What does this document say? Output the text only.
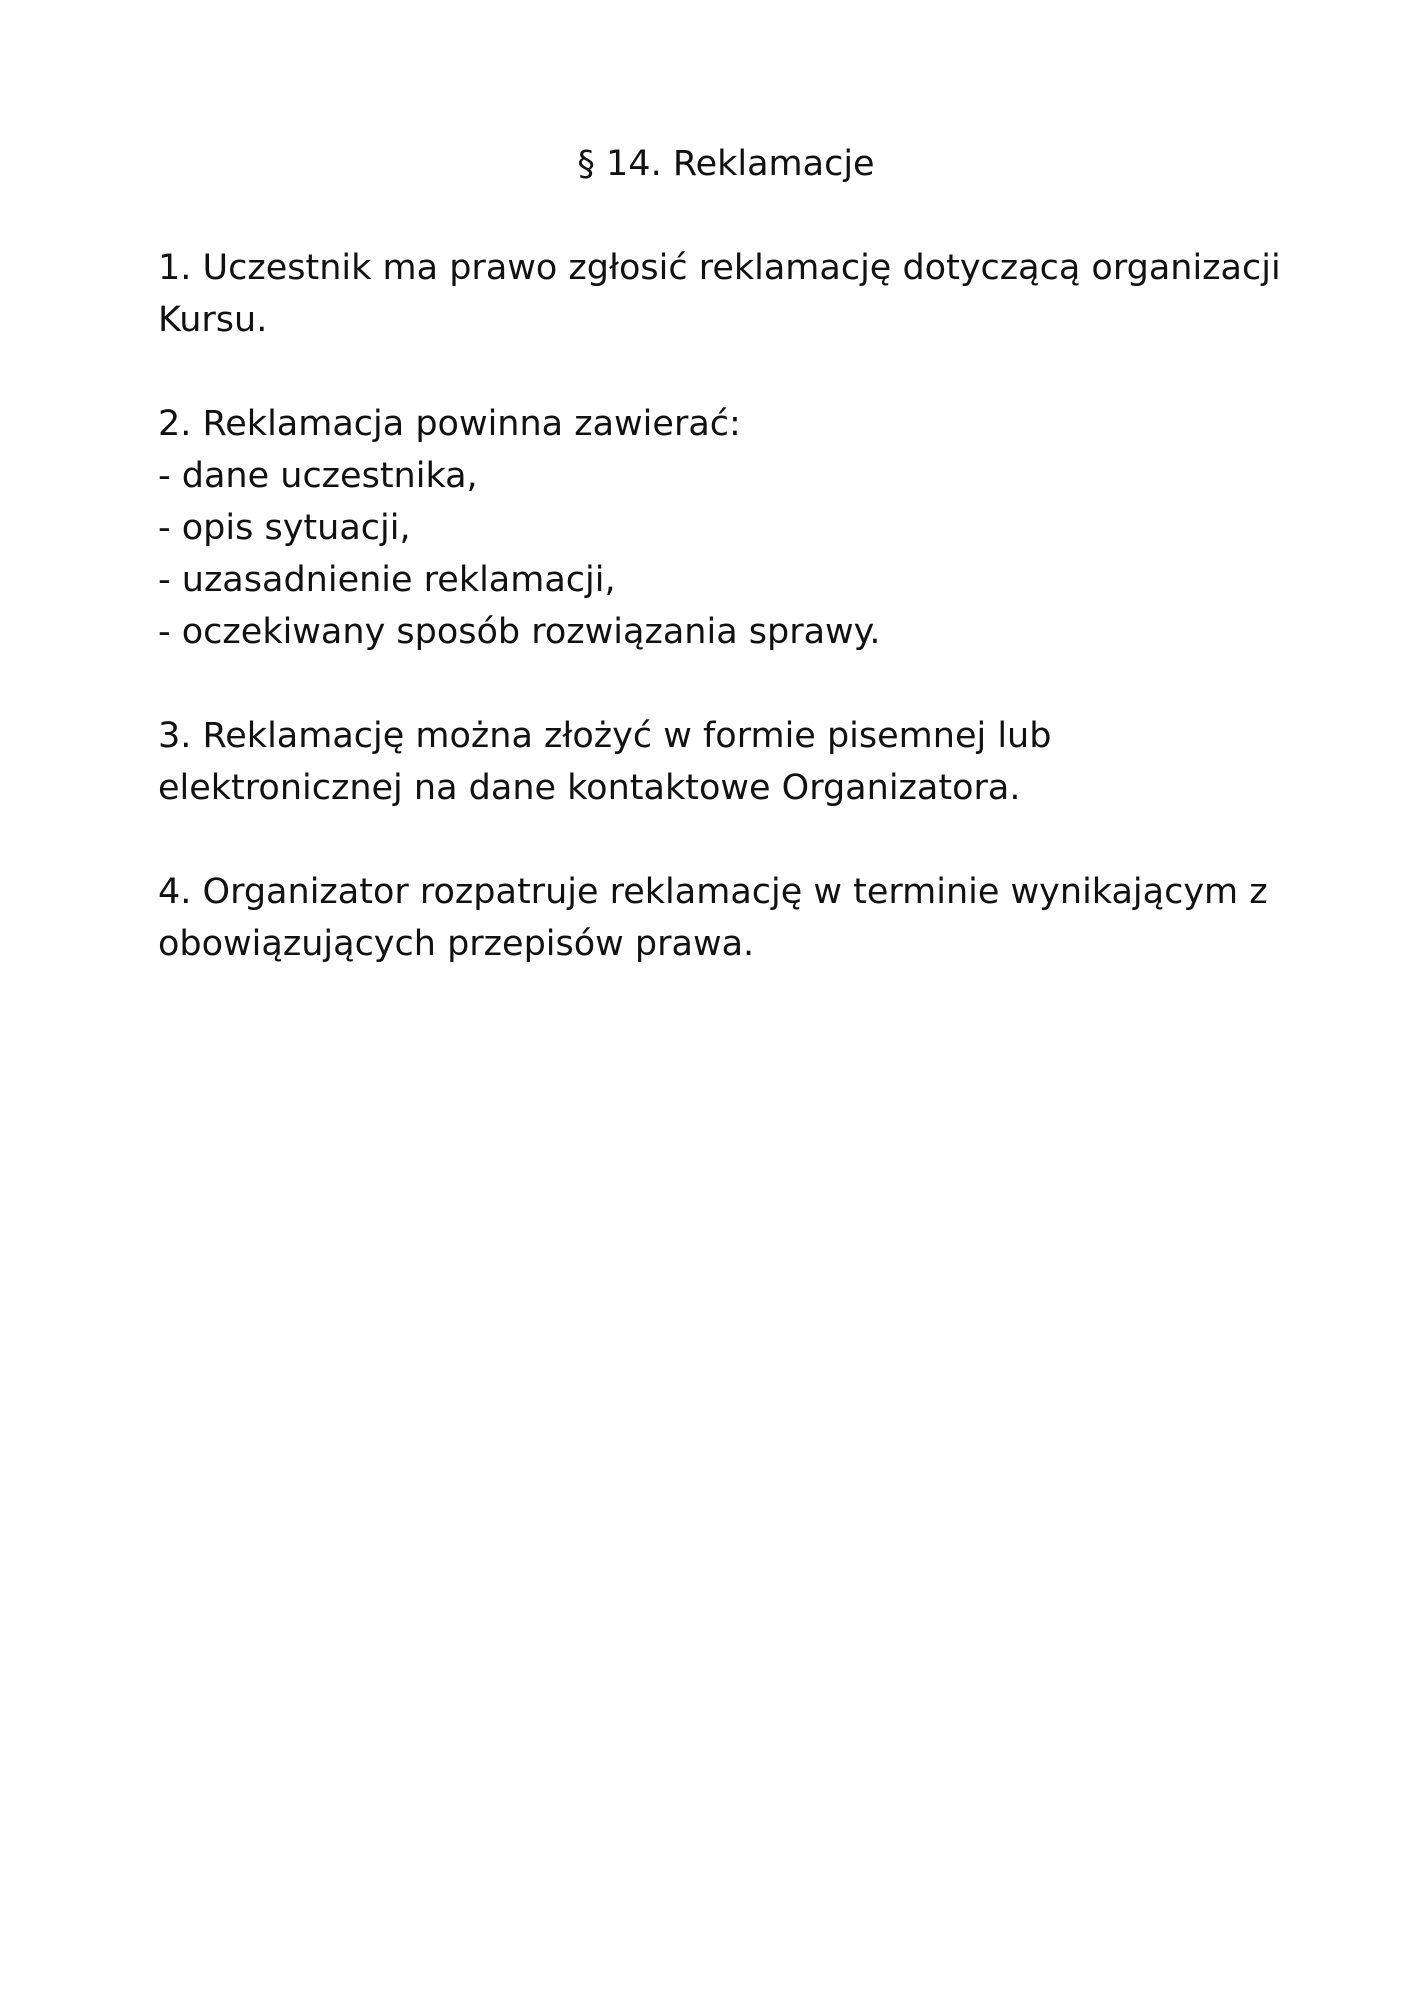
§ 14. Reklamacje

1. Uczestnik ma prawo zgłosić reklamację dotyczącą organizacji Kursu.

2. Reklamacja powinna zawierać:

- dane uczestnika,
- opis sytuacji,
- uzasadnienie reklamacji,
- oczekiwany sposób rozwiązania sprawy.

3. Reklamację można złożyć w formie pisemnej lub elektronicznej na dane kontaktowe Organizatora.

4. Organizator rozpatruje reklamację w terminie wynikającym z obowiązujących przepisów prawa.
